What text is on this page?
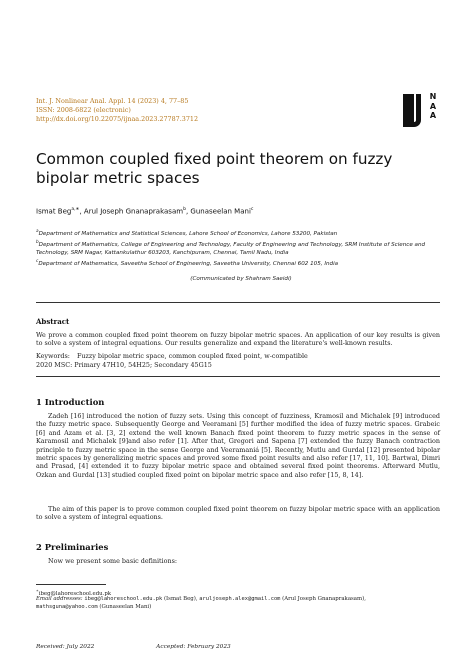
Int. J. Nonlinear Anal. Appl. 14 (2023) 4, 77–85
ISSN: 2008-6822 (electronic)
http://dx.doi.org/10.22075/ijnaa.2023.27787.3712
N
A
A
Common coupled fixed point theorem on fuzzy bipolar metric spaces
Ismat Beg$^{a,∗}$, Arul Joseph Gnanaprakasam$^b$, Gunaseelan Mani$^c$
$^a$Department of Mathematics and Statistical Sciences, Lahore School of Economics, Lahore 53200, Pakistan
$^b$Department of Mathematics, College of Engineering and Technology, Faculty of Engineering and Technology, SRM Institute of Science and Technology, SRM Nagar, Kattankulathur 603203, Kanchipuram, Chennai, Tamil Nadu, India
$^c$Department of Mathematics, Saveetha School of Engineering, Saveetha University, Chennai 602 105, India
(Communicated by Shahram Saeidi)
Abstract
We prove a common coupled fixed point theorem on fuzzy bipolar metric spaces. An application of our key results is given to solve a system of integral equations. Our results generalize and expand the literature's well-known results.
Keywords: Fuzzy bipolar metric space, common coupled fixed point, w-compatible
2020 MSC: Primary 47H10, 54H25; Secondary 45G15
1 Introduction
Zadeh [16] introduced the notion of fuzzy sets. Using this concept of fuzziness, Kramosil and Michalek [9] introduced the fuzzy metric space. Subsequently George and Veeramani [5] further modified the idea of fuzzy metric spaces. Grabeic [6] and Azam et al. [3, 2] extend the well known Banach fixed point theorem to fuzzy metric spaces in the sense of Karamosil and Michalek [9]and also refer [1]. After that, Gregori and Sapena [7] extended the fuzzy Banach contraction principle to fuzzy metric space in the sense George and Veeramaniá [5]. Recently, Mutlu and Gurdal [12] presented bipolar metric spaces by generalizing metric spaces and proved some fixed point results and also refer [17, 11, 10]. Bartwal, Dimri and Prasad, [4] extended it to fuzzy bipolar metric space and obtained several fixed point theorems. Afterward Mutlu, Ozkan and Gurdal [13] studied coupled fixed point on bipolar metric space and also refer [15, 8, 14].
The aim of this paper is to prove common coupled fixed point theorem on fuzzy bipolar metric space with an application to solve a system of integral equations.
2 Preliminaries
Now we present some basic definitions:
∗ibeg@lahoreschool.edu.pk
Email addresses: ibeg@lahoreschool.edu.pk (Ismat Beg), aruljoseph.alex@gmail.com (Arul Joseph Gnanaprakasam),
mathsguna@yahoo.com (Gunaseelan Mani)
Received: July 2022	Accepted: February 2023
